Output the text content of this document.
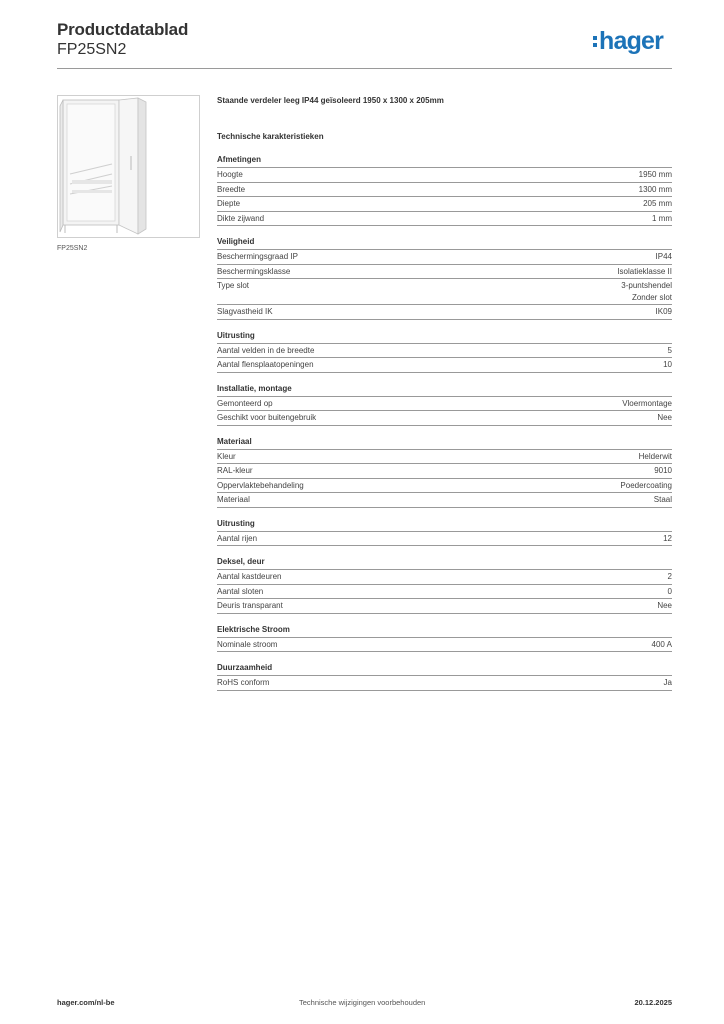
Productdatablad
FP25SN2	hager
FP25SN2
Staande verdeler leeg IP44 geïsoleerd 1950 x 1300 x 205mm
Technische karakteristieken
Afmetingen
Hoogte	1950 mm
Breedte	1300 mm
Diepte	205 mm
Dikte zijwand	1 mm
Veiligheid
Beschermingsgraad IP	IP44
Beschermingsklasse	Isolatieklasse II
Type slot	3-puntshendel
Zonder slot
Slagvastheid IK	IK09
Uitrusting
Aantal velden in de breedte	5
Aantal flensplaatopeningen	10
Installatie, montage
Gemonteerd op	Vloermontage
Geschikt voor buitengebruik	Nee
Materiaal
Kleur	Helderwit
RAL-kleur	9010
Oppervlaktebehandeling	Poedercoating
Materiaal	Staal
Uitrusting
Aantal rijen	12
Deksel, deur
Aantal kastdeuren	2
Aantal sloten	0
Deuris transparant	Nee
Elektrische Stroom
Nominale stroom	400 A
Duurzaamheid
RoHS conform	Ja
hager.com/nl-be	Technische wijzigingen voorbehouden	20.12.2025
